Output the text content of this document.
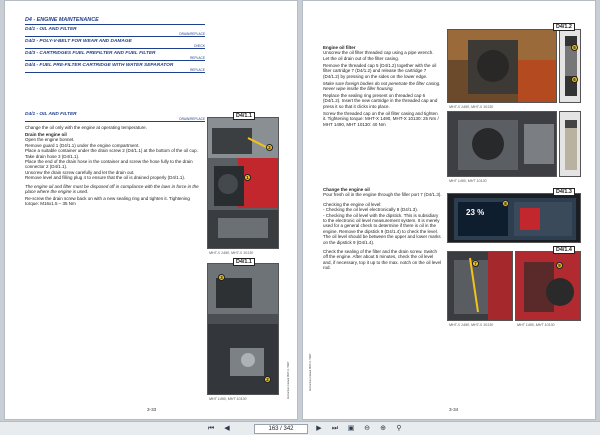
D4 - ENGINE MAINTENANCE
D4/1 - OIL AND FILTER
DRAIN/REPLACE
D4/2 - POLY-V-BELT FOR WEAR AND DAMAGE
CHECK
D4/3 - CARTRIDGES FUEL PREFILTER AND FUEL FILTER
REPLACE
D4/4 - FUEL PRE-FILTER CARTRIDGE WITH WATER SEPARATOR
REPLACE
D4/1 - OIL AND FILTER
DRAIN/REPLACE

Change the oil only with the engine at operating temperature.

Drain the engine oil

Open the engine bonnet.
Remove guard 1 (D4/1.1) under the engine compartment.
Place a suitable container under the drain screw 2 (D4/1.1) at the bottom of the oil cup.
Take drain hose 3 (D4/1.1).
Place the end of the drain hose in the container and screw the hose fully to the drain connector 2 (D4/1.1).
Unscrew the drain screw carefully and let the drain out.
Remove level and filling plug 4 to ensure that the oil is drained properly (D4/1.1).

The engine oil and filter must be disposed off in compliance with the laws in force in the place where the engine is used.

Re-screw the drain screw back on with a new sealing ring and tighten it. Tightening torque: M16x1.5 – 35 Nm

2
1
D4/1.1
MHT-X 1490, MHT-X 10130
3
2
D4/1.1
MHT 1490, MHT 10130
3-33
Instruction manual MHT-X / MHT	Instruction manual MHT-X / MHT

Engine oil filter

Unscrew the oil filter threaded cap using a pipe wrench. Let the oil drain out of the filter casing.

Remove the threaded cap 5 (D4/1.2) together with the oil filter cartridge 7 (D4/1.2) and release the cartridge 7 (D4/1.2) by pressing on the sides on the lower edge.

Make sure foreign bodies do not penetrate the filter casing. Never wipe inside the filler housing.

Replace the sealing ring present on threaded cap 6 (D4/1.2). Insert the new cartridge in the threaded cap and press it so that it clicks into place.

Screw the threaded cap on the oil filter casing and tighten it. Tightening torque: MHT-X 1490, MHT-X 10130: 25 Nm / MHT 1490, MHT 10130: 40 Nm

Change the engine oil

Pour fresh oil in the engine through the filler port 7 (D4/1.3).

Checking the engine oil level:

- Checking the oil level electronically 8 (D4/1.3).
- Checking the oil level with the dipstick. This is subsidiary to the electronic oil level measurement system. It is merely used for a general check to determine if there is oil in the engine. Remove the dipstick 9 (D4/1.4) to check the level. The oil level should be between the upper and lower marks on the dipstick 9 (D4/1.4).

Check the sealing of the filter and the drain screw. Switch off the engine. After about 5 minutes, check the oil level and, if necessary, top it up to the max. notch on the oil level rod.

5
6
D4/1.2
MHT-X 1490, MHT-X 10130
MHT 1490, MHT 10130
23 %
8
D4/1.3
7	9
D4/1.4
MHT-X 1490, MHT-X 10130	MHT 1490, MHT 10130
3-34
⏮	◀	163 / 342	▶	⏭ ▣ ⊖ ⊕	⚲
